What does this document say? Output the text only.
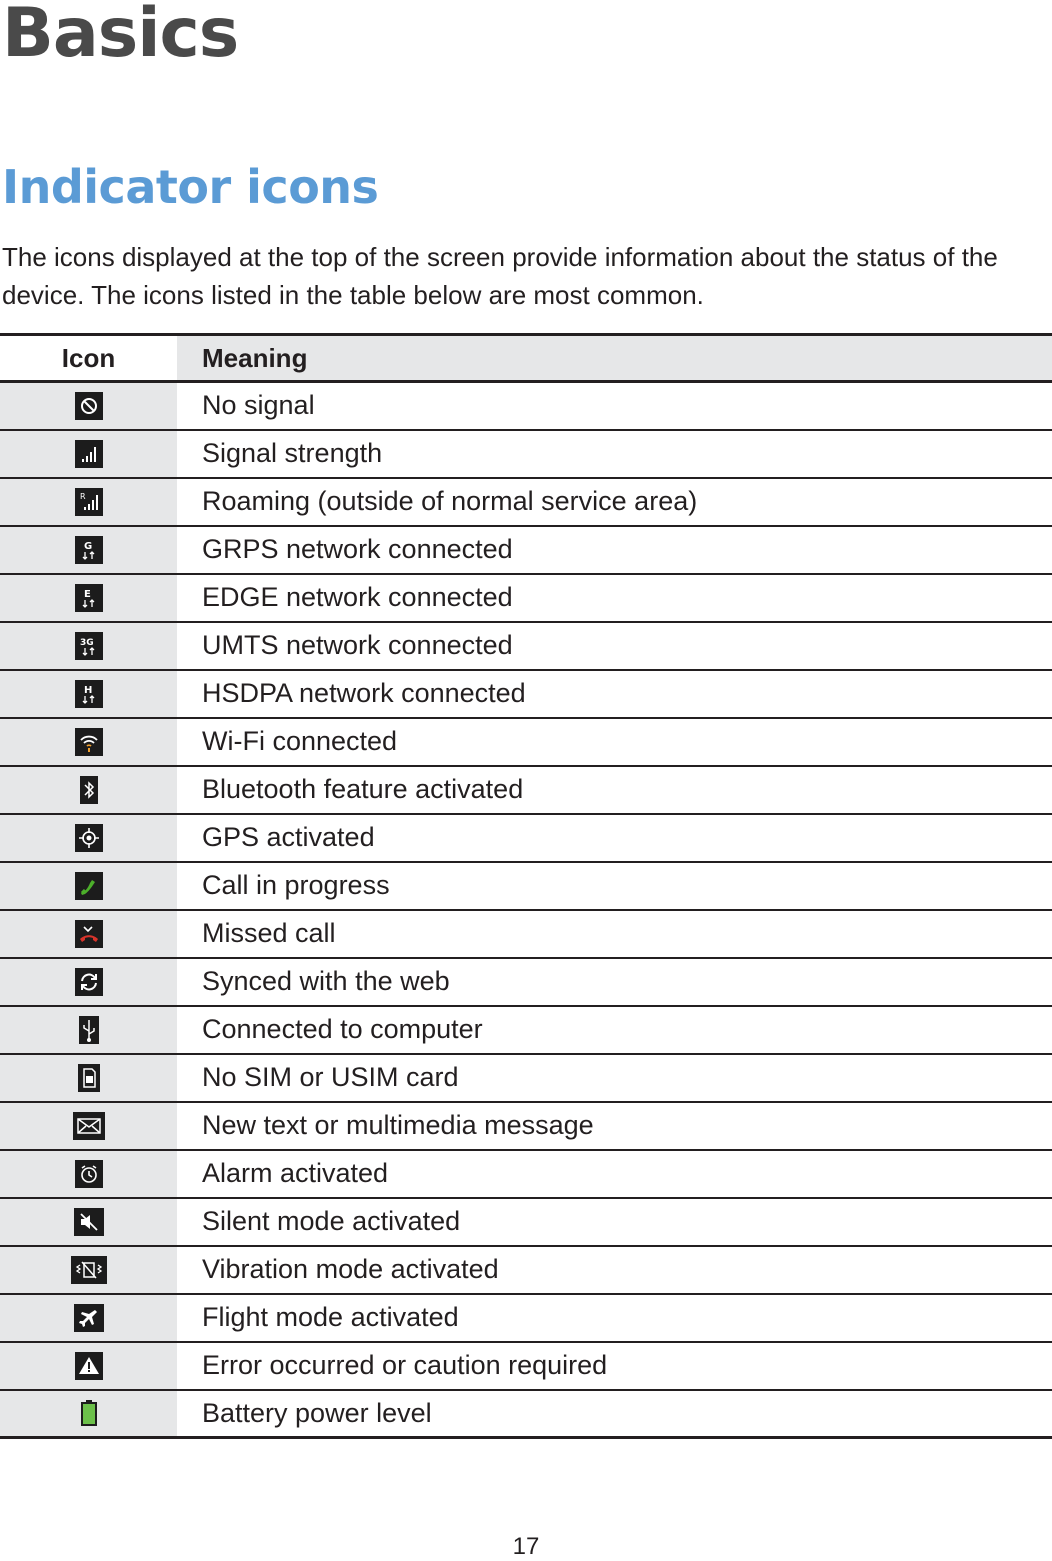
Basics
Indicator icons

The icons displayed at the top of the screen provide information about the status of the device. The icons listed in the table below are most common.

Icon	Meaning

	No signal

	Signal strength

R	Roaming (outside of normal service area)

G	GRPS network connected

E	EDGE network connected

3G	UMTS network connected

H	HSDPA network connected

	Wi-Fi connected

	Bluetooth feature activated

	GPS activated

	Call in progress

	Missed call

	Synced with the web

	Connected to computer

	No SIM or USIM card

	New text or multimedia message

	Alarm activated

	Silent mode activated

	Vibration mode activated

	Flight mode activated

	Error occurred or caution required

	Battery power level
17
